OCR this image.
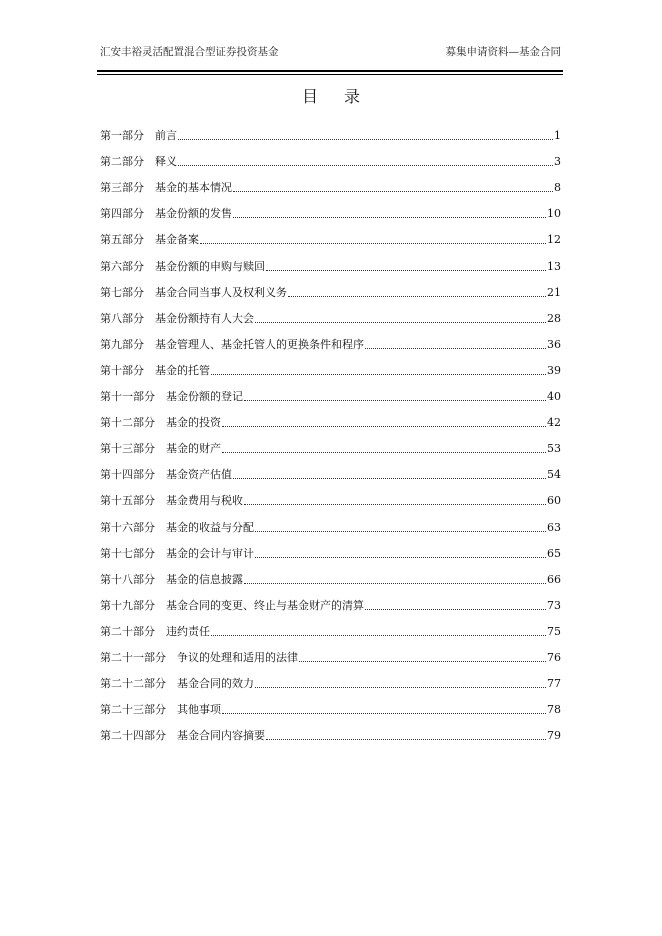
汇安丰裕灵活配置混合型证券投资基金	募集申请资料—基金合同
目 录
第一部分 前言	1
第二部分 释义	3
第三部分 基金的基本情况	8
第四部分 基金份额的发售	10
第五部分 基金备案	12
第六部分 基金份额的申购与赎回	13
第七部分 基金合同当事人及权利义务	21
第八部分 基金份额持有人大会	28
第九部分 基金管理人、基金托管人的更换条件和程序	36
第十部分 基金的托管	39
第十一部分 基金份额的登记	40
第十二部分 基金的投资	42
第十三部分 基金的财产	53
第十四部分 基金资产估值	54
第十五部分 基金费用与税收	60
第十六部分 基金的收益与分配	63
第十七部分 基金的会计与审计	65
第十八部分 基金的信息披露	66
第十九部分 基金合同的变更、终止与基金财产的清算	73
第二十部分 违约责任	75
第二十一部分 争议的处理和适用的法律	76
第二十二部分 基金合同的效力	77
第二十三部分 其他事项	78
第二十四部分 基金合同内容摘要	79
